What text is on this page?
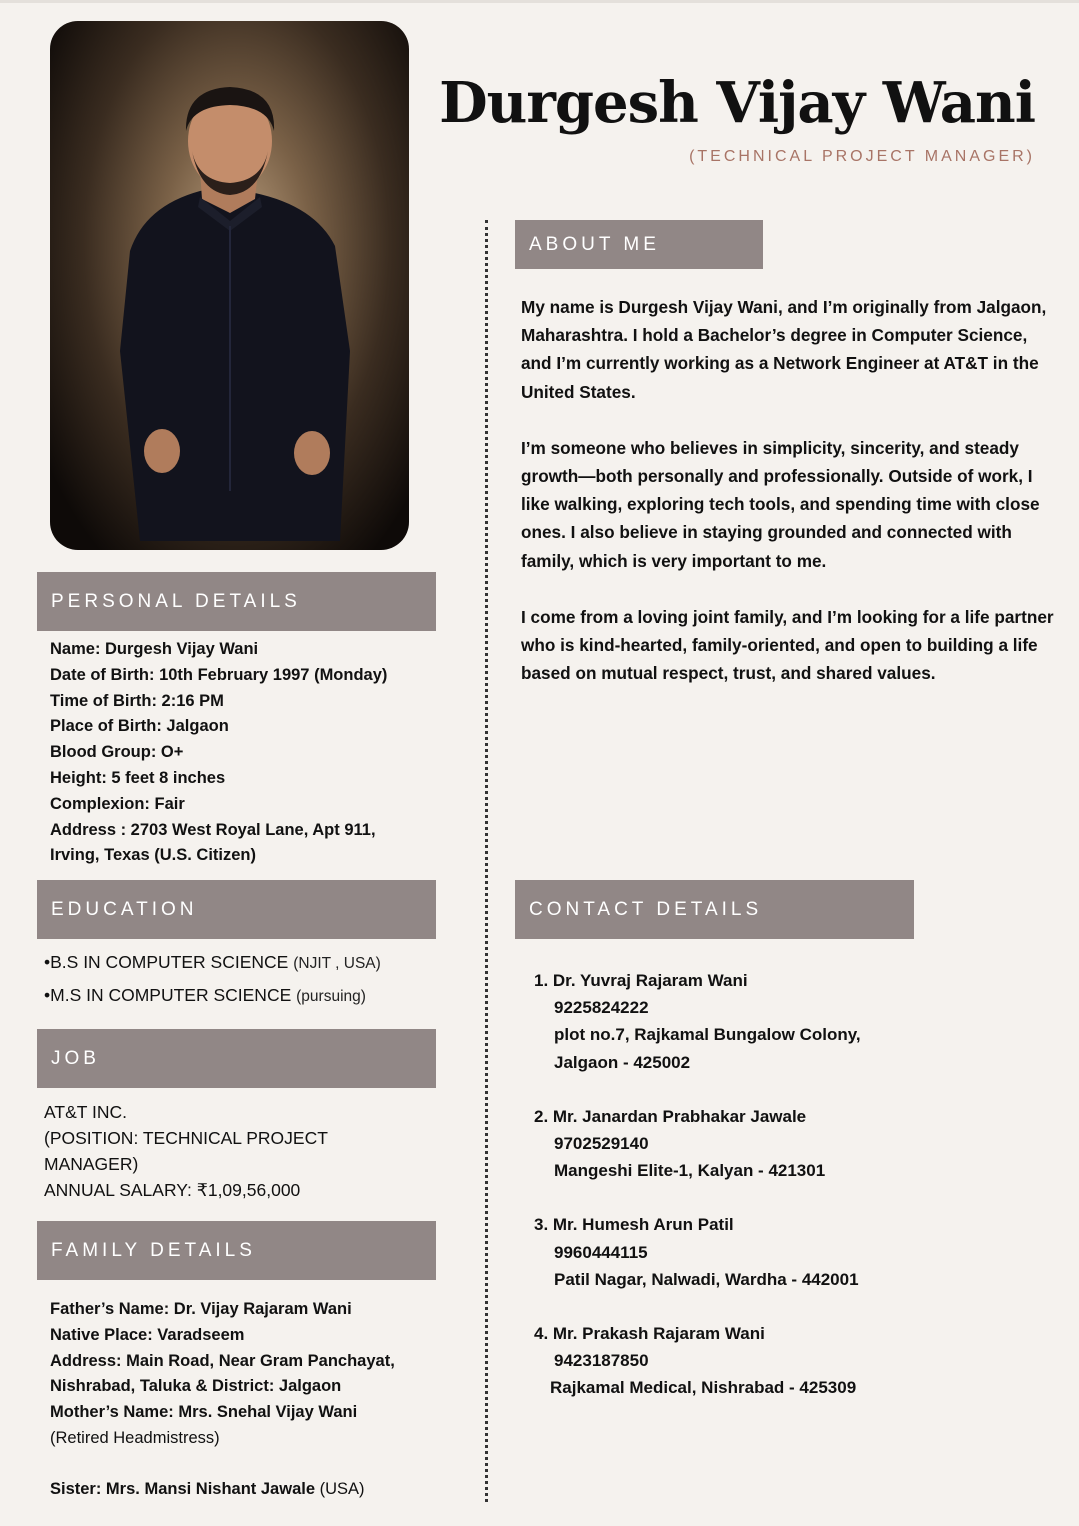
Durgesh Vijay Wani
(TECHNICAL PROJECT MANAGER)
PERSONAL DETAILS
Name: Durgesh Vijay Wani
Date of Birth: 10th February 1997 (Monday)
Time of Birth: 2:16 PM
Place of Birth: Jalgaon
Blood Group: O+
Height: 5 feet 8 inches
Complexion: Fair
Address : 2703 West Royal Lane, Apt 911,
Irving, Texas (U.S. Citizen)
EDUCATION
•B.S IN COMPUTER SCIENCE (NJIT , USA)
•M.S IN COMPUTER SCIENCE (pursuing)
JOB
AT&T INC.
(POSITION: TECHNICAL PROJECT
MANAGER)
ANNUAL SALARY: ₹1,09,56,000
FAMILY DETAILS
Father’s Name: Dr. Vijay Rajaram Wani
Native Place: Varadseem
Address: Main Road, Near Gram Panchayat,
Nishrabad, Taluka & District: Jalgaon
Mother’s Name: Mrs. Snehal Vijay Wani
(Retired Headmistress)
Sister: Mrs. Mansi Nishant Jawale (USA)
ABOUT ME

My name is Durgesh Vijay Wani, and I’m originally from Jalgaon, Maharashtra. I hold a Bachelor’s degree in Computer Science, and I’m currently working as a Network Engineer at AT&T in the United States.

I’m someone who believes in simplicity, sincerity, and steady growth—both personally and professionally. Outside of work, I like walking, exploring tech tools, and spending time with close ones. I also believe in staying grounded and connected with family, which is very important to me.

I come from a loving joint family, and I’m looking for a life partner who is kind-hearted, family-oriented, and open to building a life based on mutual respect, trust, and shared values.

CONTACT DETAILS
1. Dr. Yuvraj Rajaram Wani
9225824222
plot no.7, Rajkamal Bungalow Colony,
Jalgaon - 425002
2. Mr. Janardan Prabhakar Jawale
9702529140
Mangeshi Elite-1, Kalyan - 421301
3. Mr. Humesh Arun Patil
9960444115
Patil Nagar, Nalwadi, Wardha - 442001
4. Mr. Prakash Rajaram Wani
9423187850
Rajkamal Medical, Nishrabad - 425309
